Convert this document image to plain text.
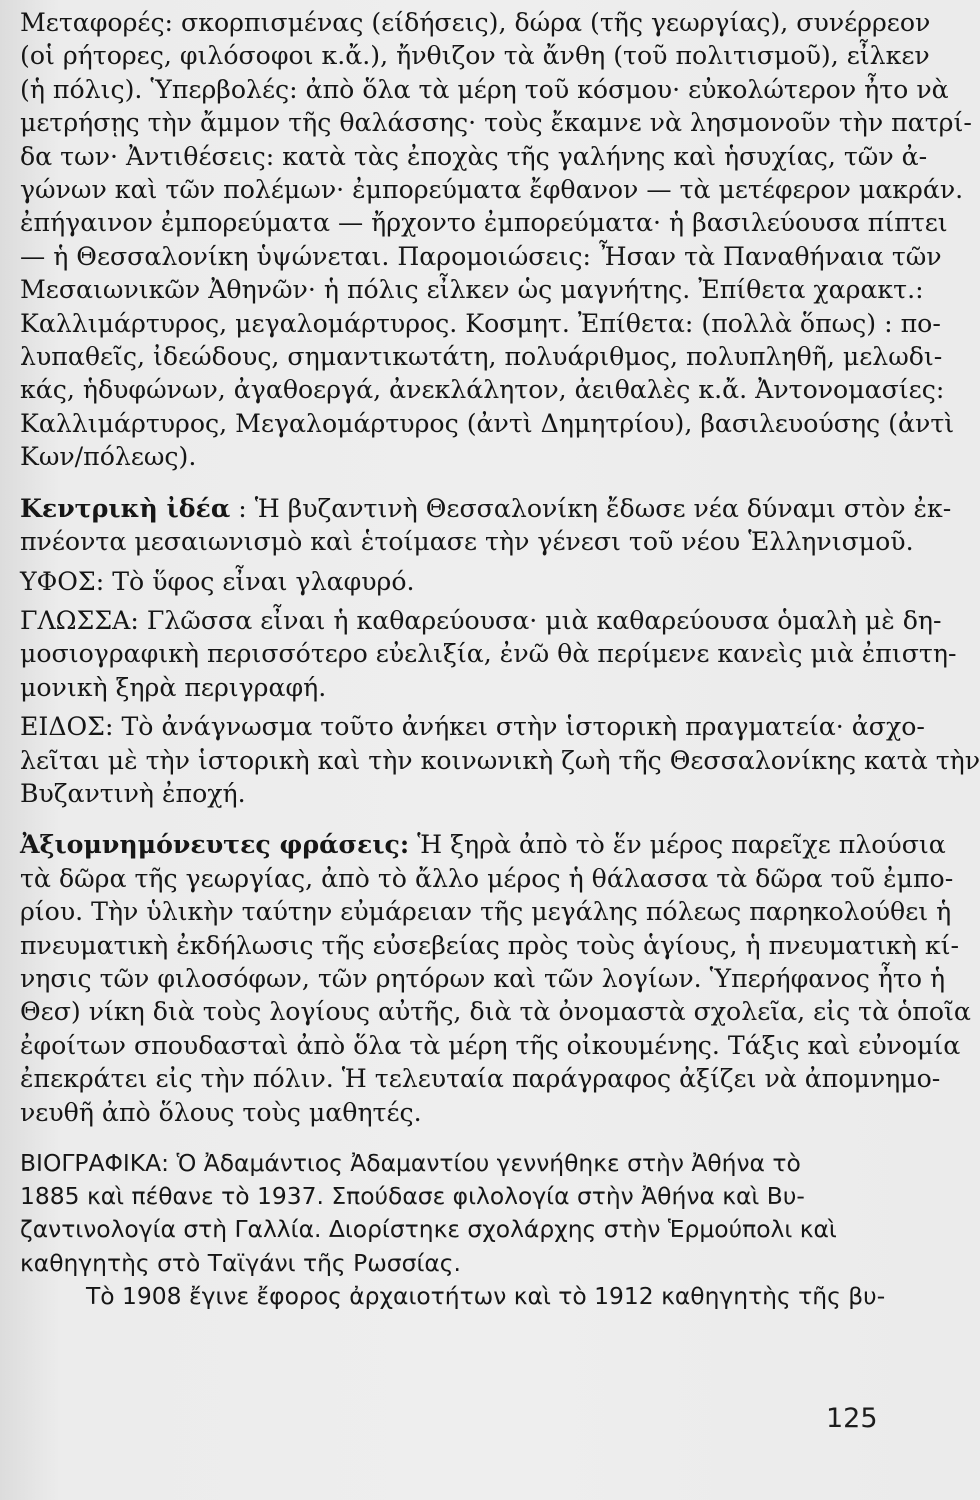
Μεταφορές: σκορπισμένας (είδήσεις), δώρα (τῆς γεωργίας), συνέρρεον
(οἱ ρήτορες, φιλόσοφοι κ.ἄ.), ἤνθιζον τὰ ἄνθη (τοῦ πολιτισμοῦ), εἶλκεν
(ἡ πόλις). Ὑπερβολές: ἀπὸ ὅλα τὰ μέρη τοῦ κόσμου· εὐκολώτερον ἦτο νὰ
μετρήσῃς τὴν ἄμμον τῆς θαλάσσης· τοὺς ἔκαμνε νὰ λησμονοῦν τὴν πατρί-
δα των· Ἀντιθέσεις: κατὰ τὰς ἐποχὰς τῆς γαλήνης καὶ ἡσυχίας, τῶν ἀ-
γώνων καὶ τῶν πολέμων· ἐμπορεύματα ἔφθανον — τὰ μετέφερον μακράν.
ἐπήγαινον ἐμπορεύματα — ἤρχοντο ἐμπορεύματα· ἡ βασιλεύουσα πίπτει
— ἡ Θεσσαλονίκη ὑψώνεται. Παρομοιώσεις: Ἦσαν τὰ Παναθήναια τῶν
Μεσαιωνικῶν Ἀθηνῶν· ἡ πόλις εἶλκεν ὡς μαγνήτης. Ἐπίθετα χαρακτ.:
Καλλιμάρτυρος, μεγαλομάρτυρος. Κοσμητ. Ἐπίθετα: (πολλὰ ὅπως) : πο-
λυπαθεῖς, ἰδεώδους, σημαντικωτάτη, πολυάριθμος, πολυπληθῆ, μελωδι-
κάς, ἡδυφώνων, ἀγαθοεργά, ἀνεκλάλητον, ἀειθαλὲς κ.ἄ. Ἀντονομασίες:
Καλλιμάρτυρος, Μεγαλομάρτυρος (ἀντὶ Δημητρίου), βασιλευούσης (ἀντὶ
Κων/πόλεως).
Κεντρικὴ ἰδέα : Ἡ βυζαντινὴ Θεσσαλονίκη ἔδωσε νέα δύναμι στὸν ἐκ-
πνέοντα μεσαιωνισμὸ καὶ ἑτοίμασε τὴν γένεσι τοῦ νέου Ἑλληνισμοῦ.
ΥΦΟΣ: Τὸ ὕφος εἶναι γλαφυρό.
ΓΛΩΣΣΑ: Γλῶσσα εἶναι ἡ καθαρεύουσα· μιὰ καθαρεύουσα ὁμαλὴ μὲ δη-
μοσιογραφικὴ περισσότερο εὐελιξία, ἐνῶ θὰ περίμενε κανεὶς μιὰ ἐπιστη-
μονικὴ ξηρὰ περιγραφή.
ΕΙΔΟΣ: Τὸ ἀνάγνωσμα τοῦτο ἀνήκει στὴν ἱστορικὴ πραγματεία· ἀσχο-
λεῖται μὲ τὴν ἱστορικὴ καὶ τὴν κοινωνικὴ ζωὴ τῆς Θεσσαλονίκης κατὰ τὴν
Βυζαντινὴ ἐποχή.
Ἀξιομνημόνευτες φράσεις: Ἡ ξηρὰ ἀπὸ τὸ ἕν μέρος παρεῖχε πλούσια
τὰ δῶρα τῆς γεωργίας, ἀπὸ τὸ ἄλλο μέρος ἡ θάλασσα τὰ δῶρα τοῦ ἐμπο-
ρίου. Τὴν ὑλικὴν ταύτην εὐμάρειαν τῆς μεγάλης πόλεως παρηκολούθει ἡ
πνευματικὴ ἐκδήλωσις τῆς εὐσεβείας πρὸς τοὺς ἁγίους, ἡ πνευματικὴ κί-
νησις τῶν φιλοσόφων, τῶν ρητόρων καὶ τῶν λογίων. Ὑπερήφανος ἦτο ἡ
Θεσ) νίκη διὰ τοὺς λογίους αὐτῆς, διὰ τὰ ὀνομαστὰ σχολεῖα, εἰς τὰ ὁποῖα
ἐφοίτων σπουδασταὶ ἀπὸ ὅλα τὰ μέρη τῆς οἰκουμένης. Τάξις καὶ εὐνομία
ἐπεκράτει εἰς τὴν πόλιν. Ἡ τελευταία παράγραφος ἀξίζει νὰ ἀπομνημο-
νευθῆ ἀπὸ ὅλους τοὺς μαθητές.
ΒΙΟΓΡΑΦΙΚΑ: Ὁ Ἀδαμάντιος Ἀδαμαντίου γεννήθηκε στὴν Ἀθήνα τὸ
1885 καὶ πέθανε τὸ 1937. Σπούδασε φιλολογία στὴν Ἀθήνα καὶ Βυ-
ζαντινολογία στὴ Γαλλία. Διορίστηκε σχολάρχης στὴν Ἑρμούπολι καὶ
καθηγητὴς στὸ Ταϊγάνι τῆς Ρωσσίας.
Τὸ 1908 ἔγινε ἔφορος ἀρχαιοτήτων καὶ τὸ 1912 καθηγητὴς τῆς βυ-
125
